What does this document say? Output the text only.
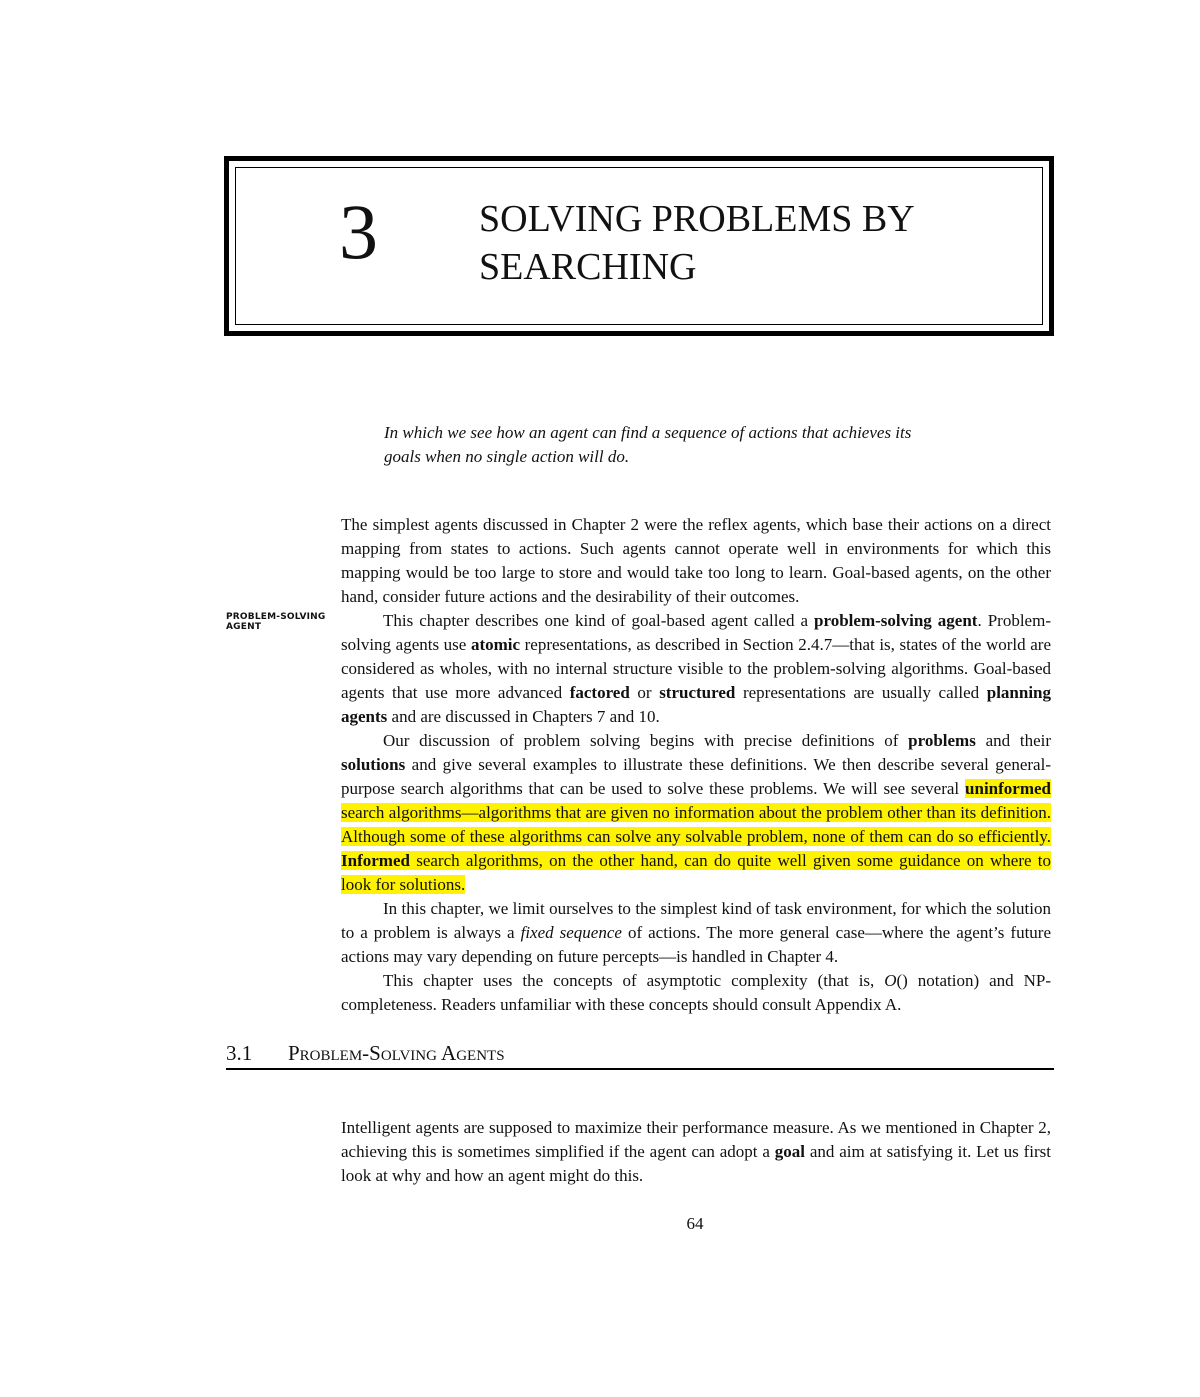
3	SOLVING PROBLEMS BY
SEARCHING
In which we see how an agent can find a sequence of actions that achieves its
goals when no single action will do.
PROBLEM-SOLVING
AGENT

The simplest agents discussed in Chapter 2 were the reflex agents, which base their actions on a direct mapping from states to actions. Such agents cannot operate well in environments for which this mapping would be too large to store and would take too long to learn. Goal-based agents, on the other hand, consider future actions and the desirability of their outcomes.

This chapter describes one kind of goal-based agent called a problem-solving agent. Problem-solving agents use atomic representations, as described in Section 2.4.7—that is, states of the world are considered as wholes, with no internal structure visible to the problem-solving algorithms. Goal-based agents that use more advanced factored or structured representations are usually called planning agents and are discussed in Chapters 7 and 10.

Our discussion of problem solving begins with precise definitions of problems and their solutions and give several examples to illustrate these definitions. We then describe several general-purpose search algorithms that can be used to solve these problems. We will see several uninformed search algorithms—algorithms that are given no information about the problem other than its definition. Although some of these algorithms can solve any solvable problem, none of them can do so efficiently. Informed search algorithms, on the other hand, can do quite well given some guidance on where to look for solutions.

In this chapter, we limit ourselves to the simplest kind of task environment, for which the solution to a problem is always a fixed sequence of actions. The more general case—where the agent’s future actions may vary depending on future percepts—is handled in Chapter 4.

This chapter uses the concepts of asymptotic complexity (that is, O() notation) and NP-completeness. Readers unfamiliar with these concepts should consult Appendix A.

3.1 Problem-Solving Agents

Intelligent agents are supposed to maximize their performance measure. As we mentioned in Chapter 2, achieving this is sometimes simplified if the agent can adopt a goal and aim at satisfying it. Let us first look at why and how an agent might do this.

64
